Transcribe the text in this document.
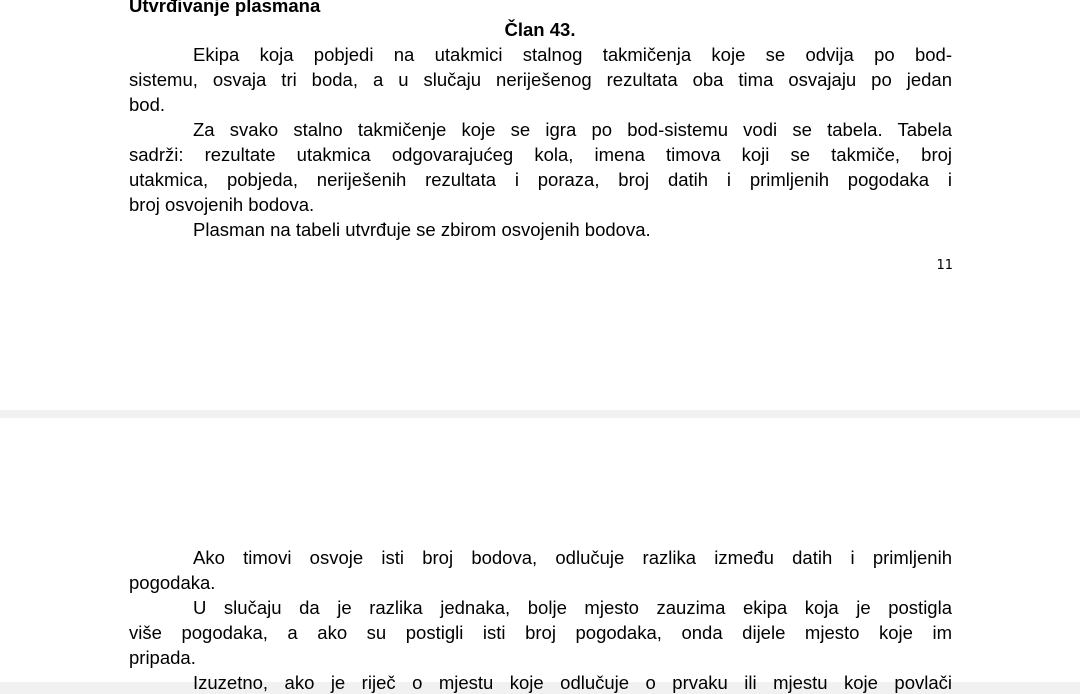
Utvrđivanje plasmana
Član 43.
Ekipa koja pobjedi na utakmici stalnog takmičenja koje se odvija po bod-
sistemu, osvaja tri boda, a u slučaju neriješenog rezultata oba tima osvajaju po jedan
bod.
Za svako stalno takmičenje koje se igra po bod-sistemu vodi se tabela. Tabela
sadrži: rezultate utakmica odgovarajućeg kola, imena timova koji se takmiče, broj
utakmica, pobjeda, neriješenih rezultata i poraza, broj datih i primljenih pogodaka i
broj osvojenih bodova.
Plasman na tabeli utvrđuje se zbirom osvojenih bodova.
11
Ako timovi osvoje isti broj bodova, odlučuje razlika između datih i primljenih
pogodaka.
U slučaju da je razlika jednaka, bolje mjesto zauzima ekipa koja je postigla
više pogodaka, a ako su postigli isti broj pogodaka, onda dijele mjesto koje im
pripada.
Izuzetno, ako je riječ o mjestu koje odlučuje o prvaku ili mjestu koje povlači
